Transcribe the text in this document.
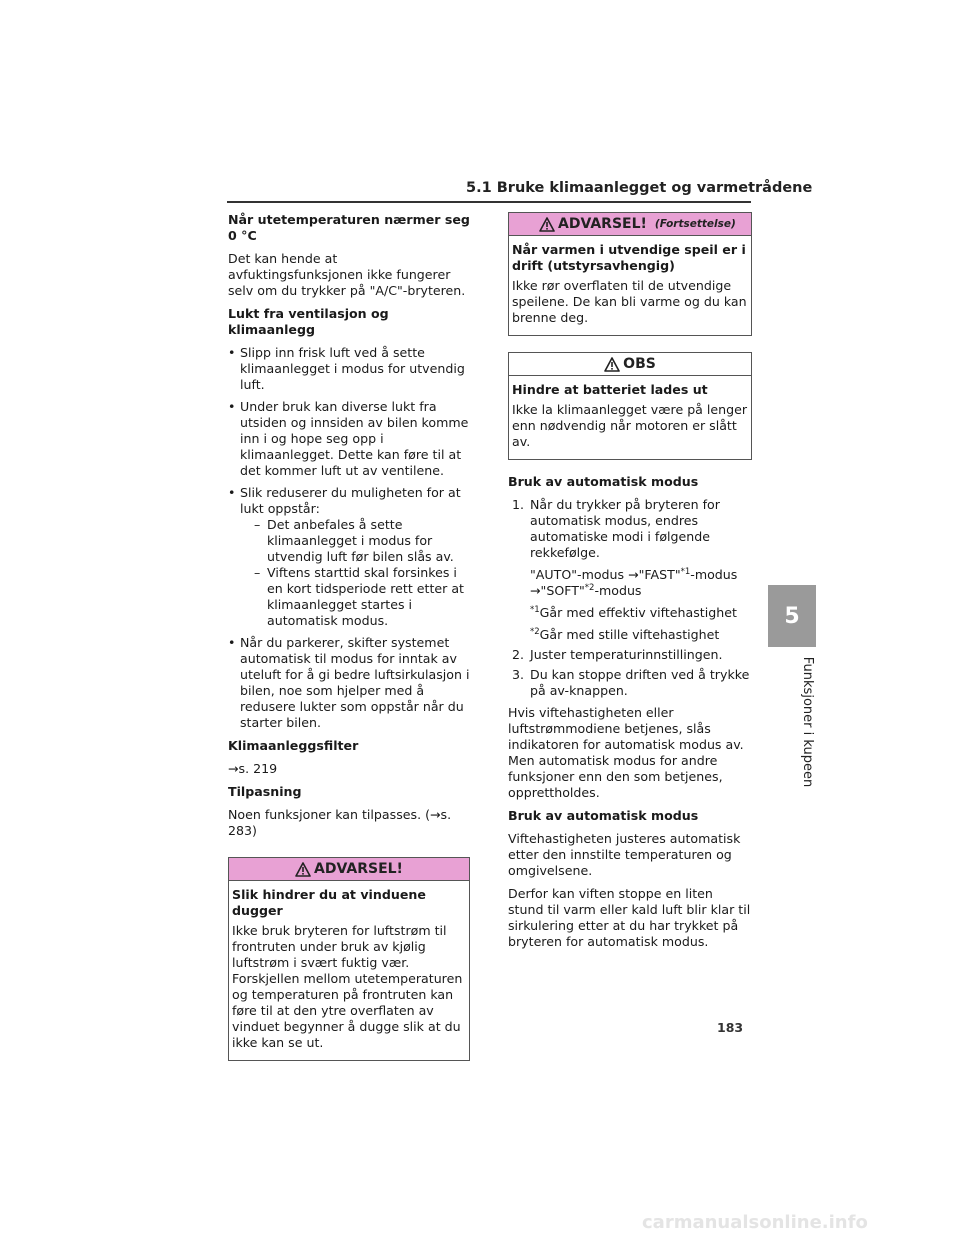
5.1 Bruke klimaanlegget og varmetrådene
Når utetemperaturen nærmer seg 0 °C

Det kan hende at avfuktingsfunksjonen ikke fungerer selv om du trykker på "A/C"-bryteren.

Lukt fra ventilasjon og klimaanlegg
• Slipp inn frisk luft ved å sette klimaanlegget i modus for utvendig luft.
• Under bruk kan diverse lukt fra utsiden og innsiden av bilen komme inn i og hope seg opp i klimaanlegget. Dette kan føre til at det kommer luft ut av ventilene.
• Slik reduserer du muligheten for at lukt oppstår:
– Det anbefales å sette klimaanlegget i modus for utvendig luft før bilen slås av.
– Viftens starttid skal forsinkes i en kort tidsperiode rett etter at klimaanlegget startes i automatisk modus.
• Når du parkerer, skifter systemet automatisk til modus for inntak av uteluft for å gi bedre luftsirkulasjon i bilen, noe som hjelper med å redusere lukter som oppstår når du starter bilen.
Klimaanleggsfilter

→s. 219

Tilpasning

Noen funksjoner kan tilpasses. (→s. 283)

ADVARSEL!
Slik hindrer du at vinduene dugger

Ikke bruk bryteren for luftstrøm til frontruten under bruk av kjølig luftstrøm i svært fuktig vær.

Forskjellen mellom utetemperaturen og temperaturen på frontruten kan føre til at den ytre overflaten av vinduet begynner å dugge slik at du ikke kan se ut.

ADVARSEL! (Fortsettelse)
Når varmen i utvendige speil er i drift (utstyrsavhengig)

Ikke rør overflaten til de utvendige speilene. De kan bli varme og du kan brenne deg.

OBS
Hindre at batteriet lades ut

Ikke la klimaanlegget være på lenger enn nødvendig når motoren er slått av.

Bruk av automatisk modus
1. Når du trykker på bryteren for automatisk modus, endres automatiske modi i følgende rekkefølge.
"AUTO"-modus →"FAST"$^{*1}$-modus
→"SOFT"$^{*2}$-modus
$^{*1}$Går med effektiv viftehastighet
$^{*2}$Går med stille viftehastighet
2. Juster temperaturinnstillingen.
3. Du kan stoppe driften ved å trykke på av-knappen.

Hvis viftehastigheten eller luftstrømmodiene betjenes, slås indikatoren for automatisk modus av. Men automatisk modus for andre funksjoner enn den som betjenes, opprettholdes.

Bruk av automatisk modus

Viftehastigheten justeres automatisk etter den innstilte temperaturen og omgivelsene.

Derfor kan viften stoppe en liten stund til varm eller kald luft blir klar til sirkulering etter at du har trykket på bryteren for automatisk modus.

5
Funksjoner i kupeen
183
carmanualsonline.info
